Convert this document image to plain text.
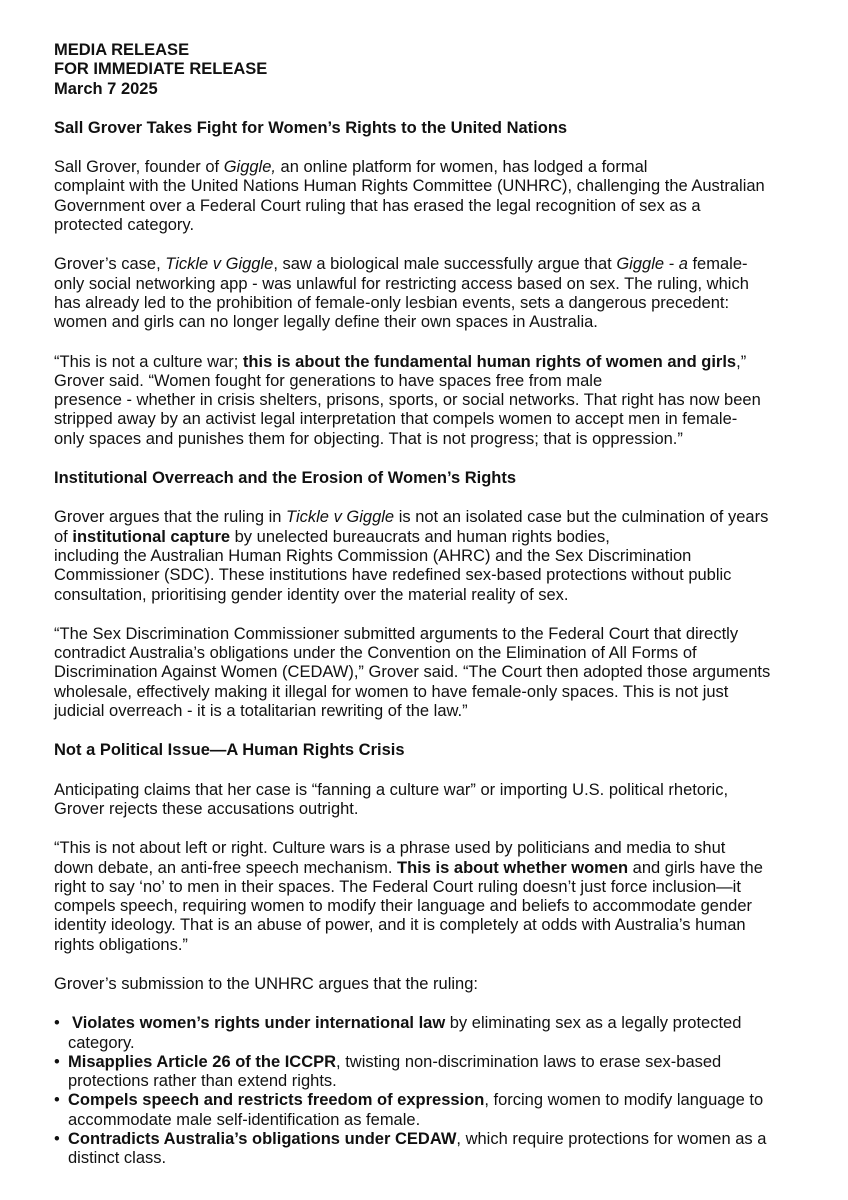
MEDIA RELEASE
FOR IMMEDIATE RELEASE
March 7 2025

Sall Grover Takes Fight for Women’s Rights to the United Nations

Sall Grover, founder of Giggle, an online platform for women, has lodged a formal
complaint with the United Nations Human Rights Committee (UNHRC), challenging the Australian
Government over a Federal Court ruling that has erased the legal recognition of sex as a
protected category.
Grover’s case, Tickle v Giggle, saw a biological male successfully argue that Giggle - a female-
only social networking app - was unlawful for restricting access based on sex. The ruling, which
has already led to the prohibition of female-only lesbian events, sets a dangerous precedent:
women and girls can no longer legally define their own spaces in Australia.
“This is not a culture war; this is about the fundamental human rights of women and girls,”
Grover said. “Women fought for generations to have spaces free from male
presence - whether in crisis shelters, prisons, sports, or social networks. That right has now been
stripped away by an activist legal interpretation that compels women to accept men in female-
only spaces and punishes them for objecting. That is not progress; that is oppression.”

Institutional Overreach and the Erosion of Women’s Rights

Grover argues that the ruling in Tickle v Giggle is not an isolated case but the culmination of years
of institutional capture by unelected bureaucrats and human rights bodies,
including the Australian Human Rights Commission (AHRC) and the Sex Discrimination
Commissioner (SDC). These institutions have redefined sex-based protections without public
consultation, prioritising gender identity over the material reality of sex.
“The Sex Discrimination Commissioner submitted arguments to the Federal Court that directly
contradict Australia’s obligations under the Convention on the Elimination of All Forms of
Discrimination Against Women (CEDAW),” Grover said. “The Court then adopted those arguments
wholesale, effectively making it illegal for women to have female-only spaces. This is not just
judicial overreach - it is a totalitarian rewriting of the law.”

Not a Political Issue—A Human Rights Crisis

Anticipating claims that her case is “fanning a culture war” or importing U.S. political rhetoric,
Grover rejects these accusations outright.
“This is not about left or right. Culture wars is a phrase used by politicians and media to shut
down debate, an anti-free speech mechanism. This is about whether women and girls have the
right to say ‘no’ to men in their spaces. The Federal Court ruling doesn’t just force inclusion—it
compels speech, requiring women to modify their language and beliefs to accommodate gender
identity ideology. That is an abuse of power, and it is completely at odds with Australia’s human
rights obligations.”

Grover’s submission to the UNHRC argues that the ruling:

• Violates women’s rights under international law by eliminating sex as a legally protected
category.
• Misapplies Article 26 of the ICCPR, twisting non-discrimination laws to erase sex-based
protections rather than extend rights.
• Compels speech and restricts freedom of expression, forcing women to modify language to
accommodate male self-identification as female.
• Contradicts Australia’s obligations under CEDAW, which require protections for women as a
distinct class.
